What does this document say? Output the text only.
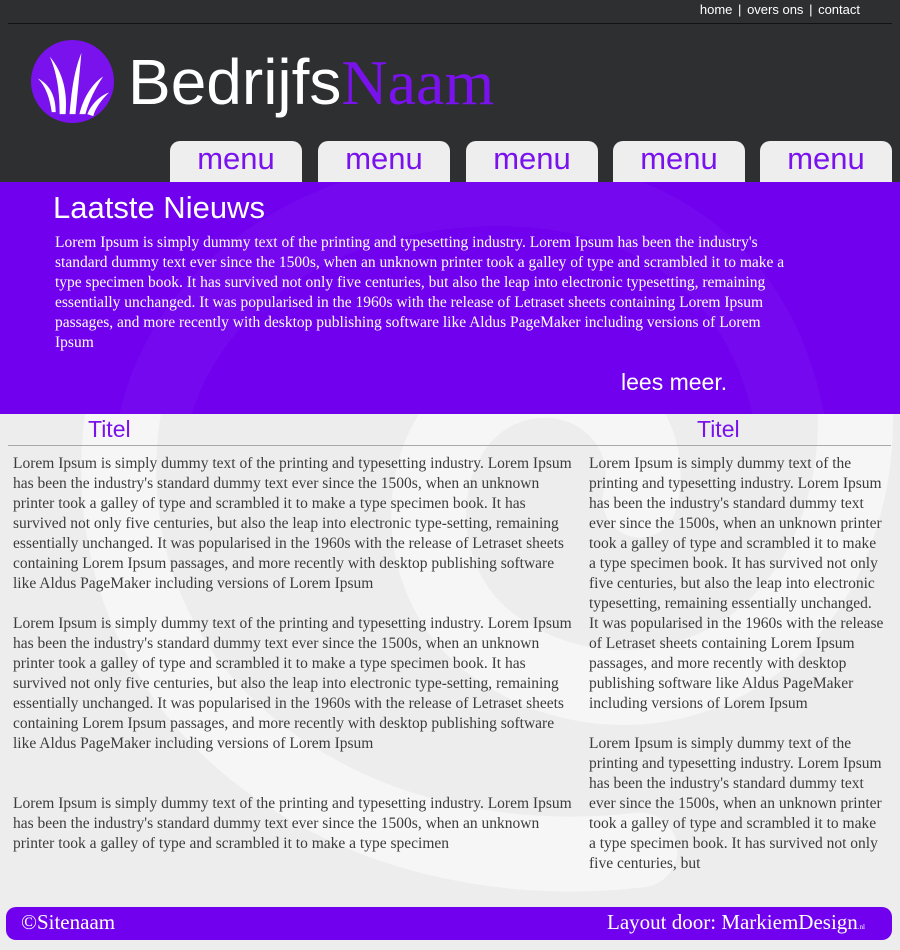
home | overs ons | contact
BedrijfsNaam
menu	menu	menu	menu	menu
Laatste Nieuws
Lorem Ipsum is simply dummy text of the printing and typesetting industry. Lorem Ipsum has been the industry's standard dummy text ever since the 1500s, when an unknown printer took a galley of type and scrambled it to make a type specimen book. It has survived not only five centuries, but also the leap into electronic typesetting, remaining essentially unchanged. It was popularised in the 1960s with the release of Letraset sheets containing Lorem Ipsum passages, and more recently with desktop publishing software like Aldus PageMaker including versions of Lorem Ipsum
lees meer.
Titel	Titel

Lorem Ipsum is simply dummy text of the printing and typesetting industry. Lorem Ipsum has been the industry's standard dummy text ever since the 1500s, when an unknown printer took a galley of type and scrambled it to make a type specimen book. It has survived not only five centuries, but also the leap into electronic type-setting, remaining essentially unchanged. It was popularised in the 1960s with the release of Letraset sheets containing Lorem Ipsum passages, and more recently with desktop publishing software like Aldus PageMaker including versions of Lorem Ipsum

Lorem Ipsum is simply dummy text of the printing and typesetting industry. Lorem Ipsum has been the industry's standard dummy text ever since the 1500s, when an unknown printer took a galley of type and scrambled it to make a type specimen book. It has survived not only five centuries, but also the leap into electronic type-setting, remaining essentially unchanged. It was popularised in the 1960s with the release of Letraset sheets containing Lorem Ipsum passages, and more recently with desktop publishing software like Aldus PageMaker including versions of Lorem Ipsum

Lorem Ipsum is simply dummy text of the printing and typesetting industry. Lorem Ipsum has been the industry's standard dummy text ever since the 1500s, when an unknown printer took a galley of type and scrambled it to make a type specimen

Lorem Ipsum is simply dummy text of the printing and typesetting industry. Lorem Ipsum has been the industry's standard dummy text ever since the 1500s, when an unknown printer took a galley of type and scrambled it to make a type specimen book. It has survived not only five centuries, but also the leap into electronic typesetting, remaining essentially unchanged. It was popularised in the 1960s with the release of Letraset sheets containing Lorem Ipsum passages, and more recently with desktop publishing software like Aldus PageMaker including versions of Lorem Ipsum

Lorem Ipsum is simply dummy text of the printing and typesetting industry. Lorem Ipsum has been the industry's standard dummy text ever since the 1500s, when an unknown printer took a galley of type and scrambled it to make a type specimen book. It has survived not only five centuries, but

©Sitenaam	Layout door: MarkiemDesign.nl
